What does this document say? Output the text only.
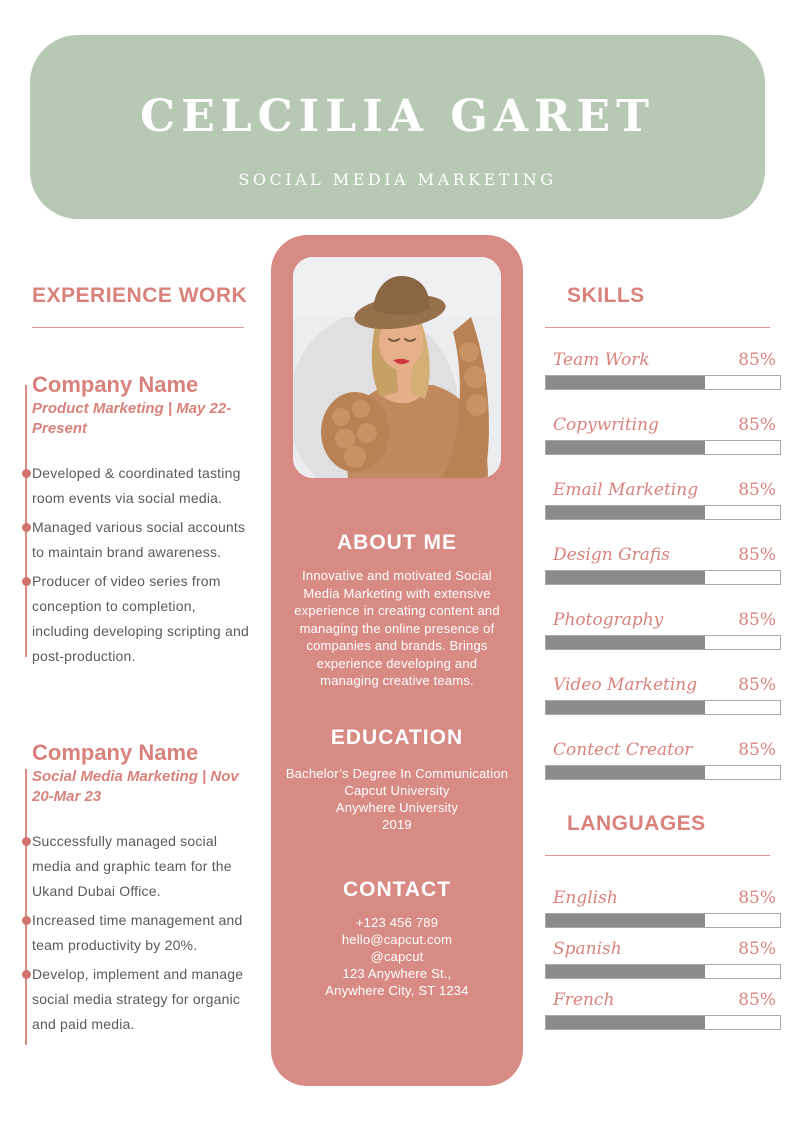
CELCILIA GARET
SOCIAL MEDIA MARKETING
EXPERIENCE WORK
Company Name

Product Marketing | May 22-Present

Developed & coordinated tasting room events via social media.
Managed various social accounts to maintain brand awareness.
Producer of video series from conception to completion, including developing scripting and post-production.
Company Name

Social Media Marketing | Nov 20-Mar 23

Successfully managed social media and graphic team for the Ukand Dubai Office.
Increased time management and team productivity by 20%.
Develop, implement and manage social media strategy for organic and paid media.
ABOUT ME

Innovative and motivated Social Media Marketing with extensive experience in creating content and managing the online presence of companies and brands. Brings experience developing and managing creative teams.

EDUCATION
Bachelor’s Degree In Communication
Capcut University
Anywhere University
2019
CONTACT
+123 456 789
hello@capcut.com
@capcut
123 Anywhere St.,
Anywhere City, ST 1234
SKILLS
Team Work	85%
Copywriting	85%
Email Marketing 85%
Design Grafis	85%
Photography	85%
Video Marketing 85%
Contect Creator	85%
LANGUAGES
English	85%
Spanish	85%
French	85%
